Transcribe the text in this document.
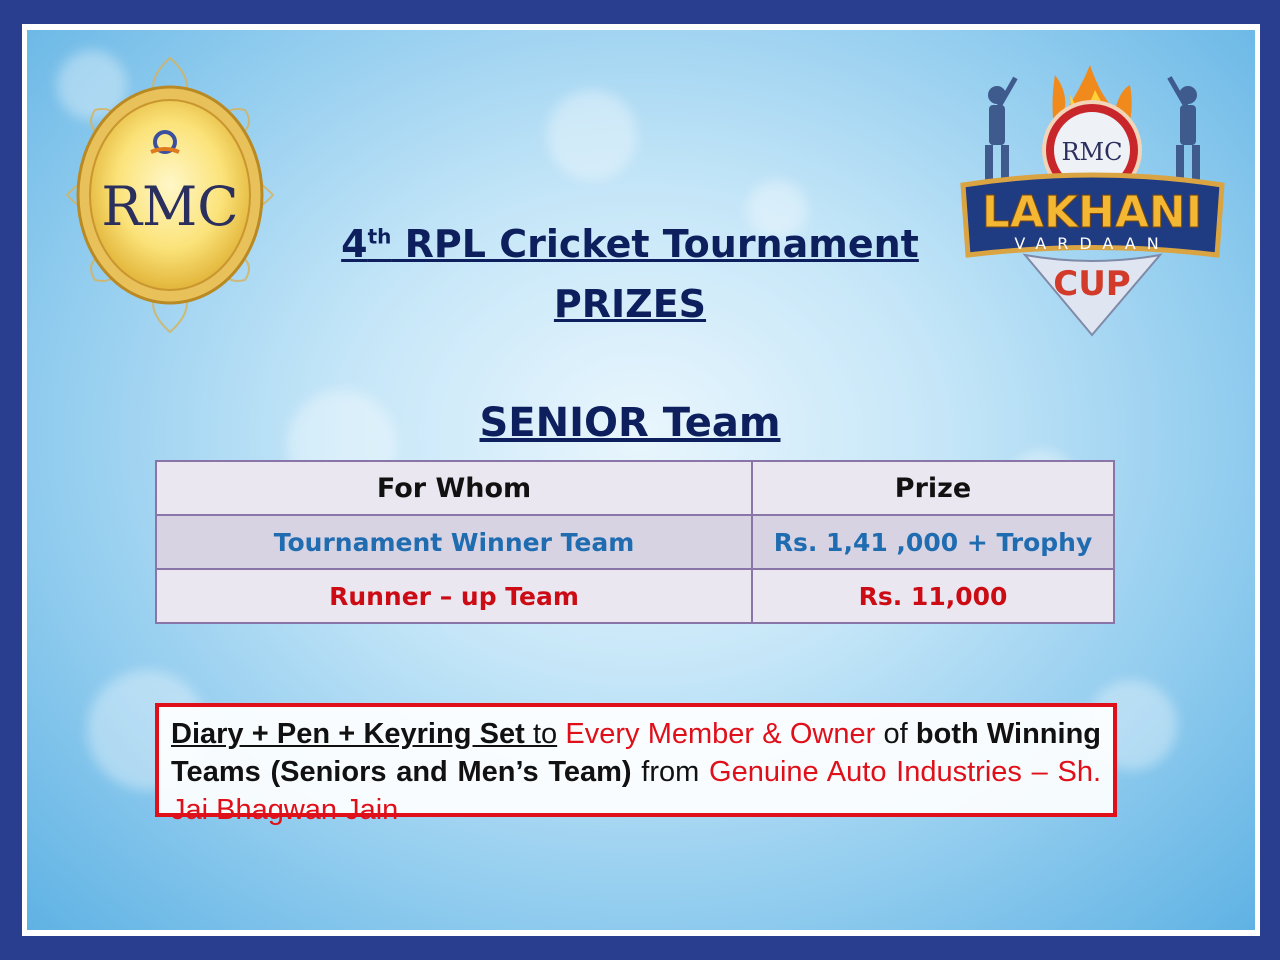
RMC
RMC
LAKHANI
VARDAAN
CUP
4th RPL Cricket Tournament
PRIZES
SENIOR Team
For Whom	Prize
Tournament Winner Team	Rs. 1,41 ,000 + Trophy
Runner – up Team	Rs. 11,000
Diary + Pen + Keyring Set to Every Member & Owner of both Winning Teams (Seniors and Men’s Team) from Genuine Auto Industries – Sh. Jai Bhagwan Jain
